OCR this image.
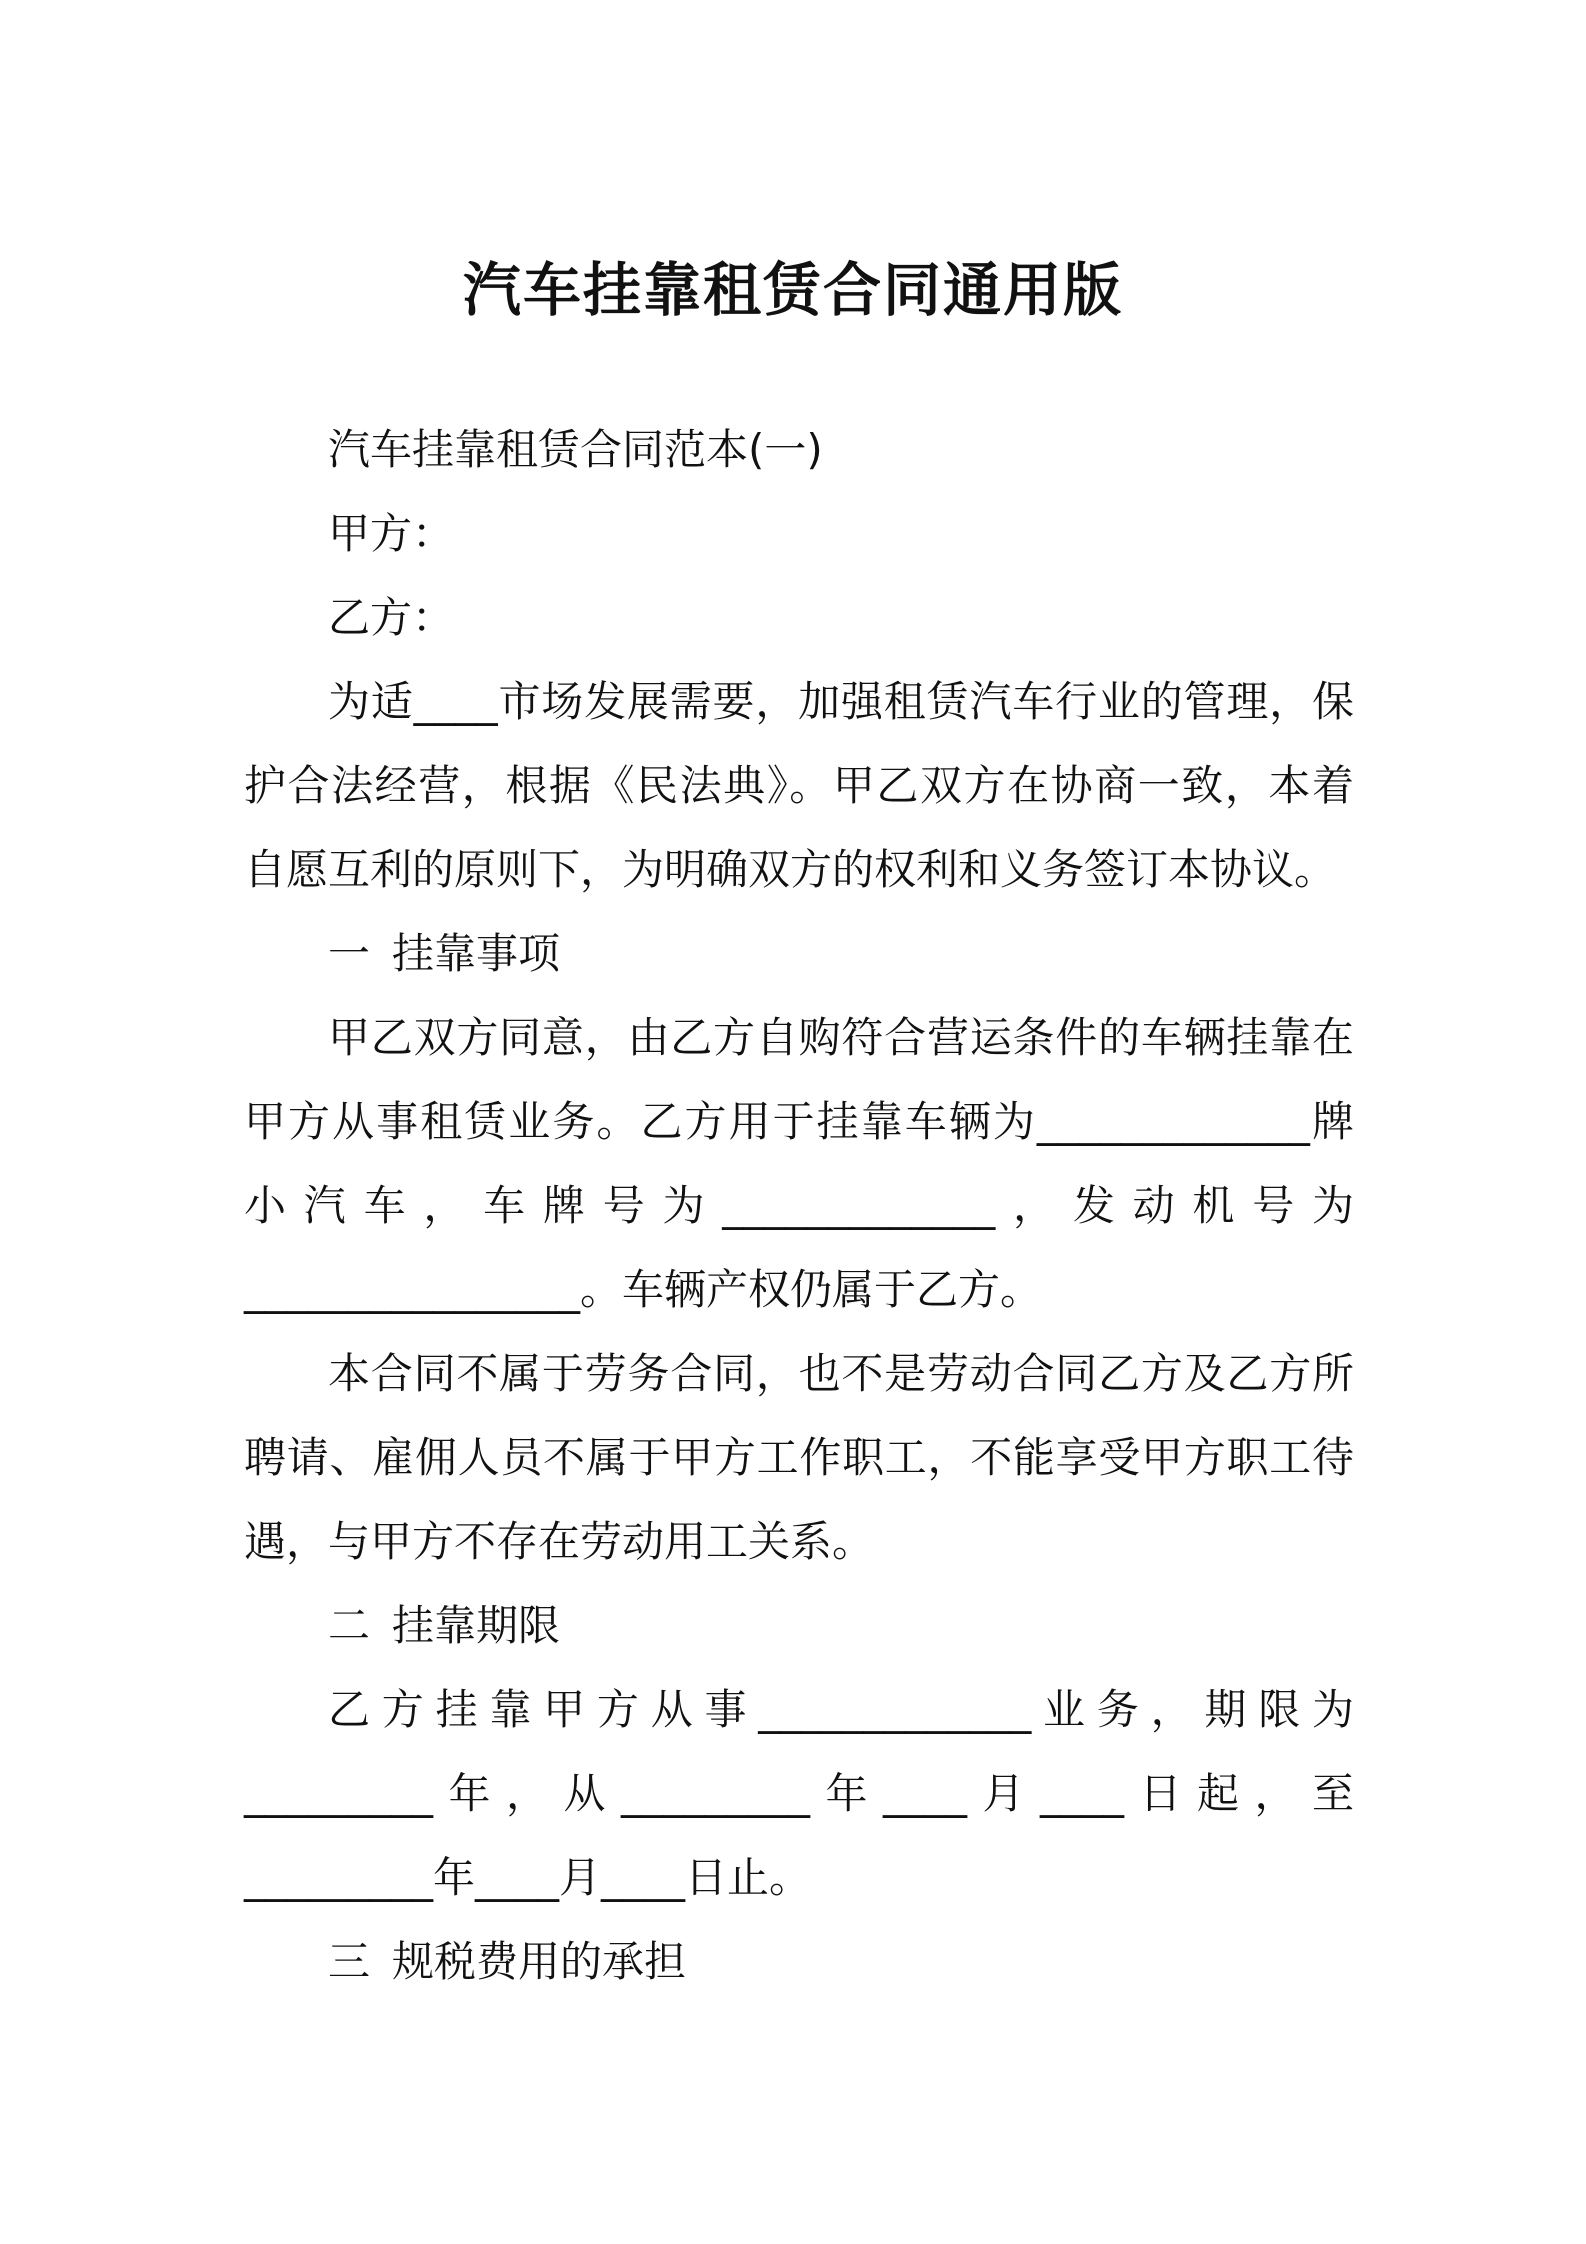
汽车挂靠租赁合同通用版

汽车挂靠租赁合同范本(一)

甲方：

乙方：

为适____市场发展需要，加强租赁汽车行业的管理，保护合法经营，根据《民法典》。甲乙双方在协商一致，本着自愿互利的原则下，为明确双方的权利和义务签订本协议。

一 挂靠事项

甲乙双方同意，由乙方自购符合营运条件的车辆挂靠在甲方从事租赁业务。乙方用于挂靠车辆为_____________牌小汽车，车牌号为_____________，发动机号为________________。车辆产权仍属于乙方。

本合同不属于劳务合同，也不是劳动合同乙方及乙方所聘请、雇佣人员不属于甲方工作职工，不能享受甲方职工待遇，与甲方不存在劳动用工关系。

二 挂靠期限

乙方挂靠甲方从事_____________业务，期限为_________年，从_________年____月____日起，至_________年____月____日止。

三 规税费用的承担
